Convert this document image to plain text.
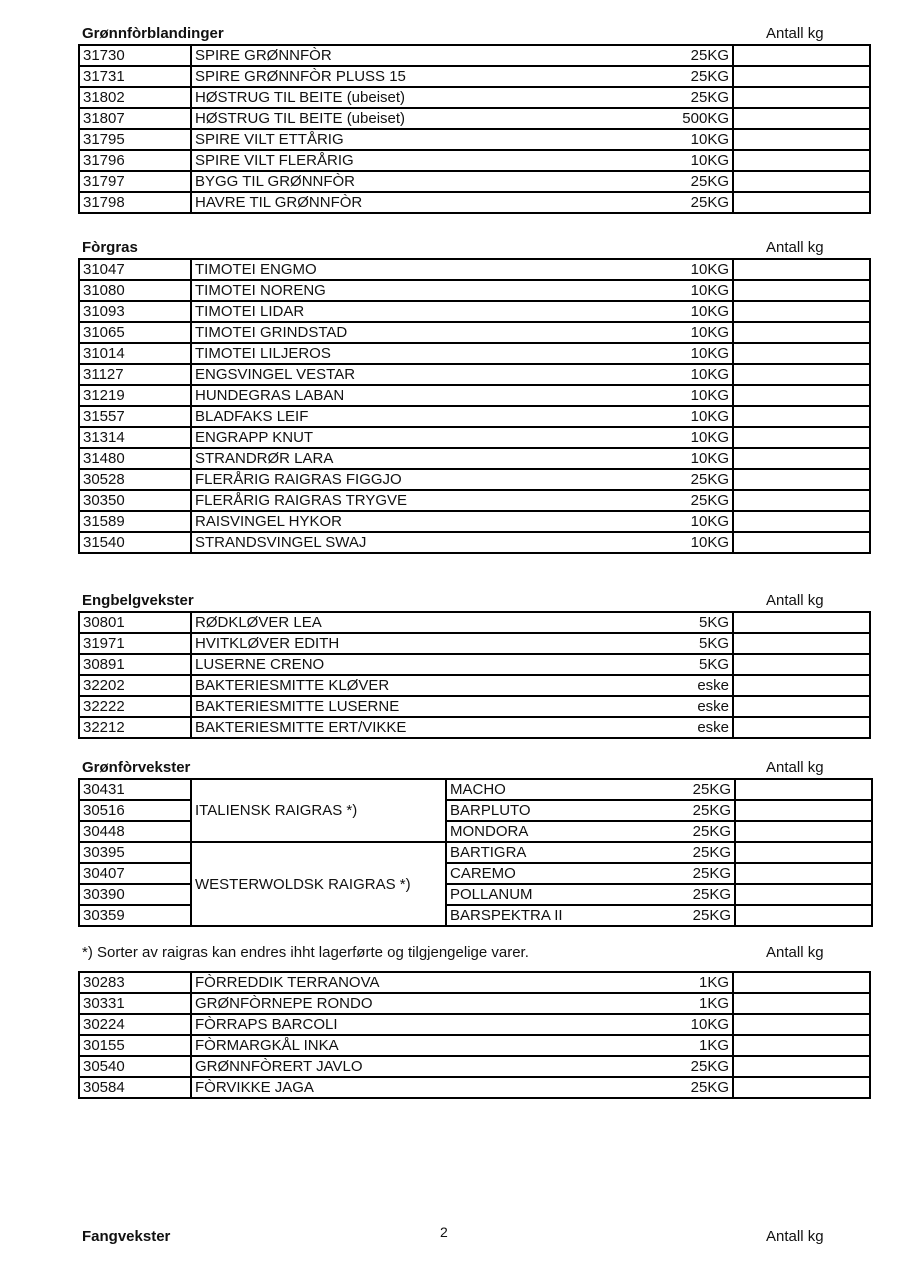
Grønnfòrblandinger	Antall kg
31730	SPIRE GRØNNFÒR 25KG	

31731	SPIRE GRØNNFÒR PLUSS 15 25KG	

31802	HØSTRUG TIL BEITE (ubeiset) 25KG	

31807	HØSTRUG TIL BEITE (ubeiset) 500KG	

31795	SPIRE VILT ETTÅRIG 10KG	

31796	SPIRE VILT FLERÅRIG 10KG	

31797	BYGG TIL GRØNNFÒR 25KG	

31798	HAVRE TIL GRØNNFÒR 25KG	

Fòrgras	Antall kg
31047	TIMOTEI ENGMO 10KG	

31080	TIMOTEI NORENG 10KG	

31093	TIMOTEI LIDAR 10KG	

31065	TIMOTEI GRINDSTAD 10KG	

31014	TIMOTEI LILJEROS 10KG	

31127	ENGSVINGEL VESTAR 10KG	

31219	HUNDEGRAS LABAN 10KG	

31557	BLADFAKS LEIF 10KG	

31314	ENGRAPP KNUT 10KG	

31480	STRANDRØR LARA 10KG	

30528	FLERÅRIG RAIGRAS FIGGJO 25KG	

30350	FLERÅRIG RAIGRAS TRYGVE 25KG	

31589	RAISVINGEL HYKOR 10KG	

31540	STRANDSVINGEL SWAJ 10KG	

Engbelgvekster	Antall kg
30801	RØDKLØVER LEA 5KG	

31971	HVITKLØVER EDITH 5KG	

30891	LUSERNE CRENO 5KG	

32202	BAKTERIESMITTE KLØVER eske	

32222	BAKTERIESMITTE LUSERNE eske	

32212	BAKTERIESMITTE ERT/VIKKE eske	

Grønfòrvekster	Antall kg
30431	ITALIENSK RAIGRAS *)	MACHO 25KG	

30516		BARPLUTO 25KG	

30448		MONDORA 25KG	

30395	WESTERWOLDSK RAIGRAS *)	BARTIGRA 25KG	

30407		CAREMO 25KG	

30390		POLLANUM 25KG	

30359		BARSPEKTRA II 25KG	

*) Sorter av raigras kan endres ihht lagerførte og tilgjengelige varer.	Antall kg
30283	FÒRREDDIK TERRANOVA 1KG	

30331	GRØNFÒRNEPE RONDO 1KG	

30224	FÒRRAPS BARCOLI 10KG	

30155	FÒRMARGKÅL INKA 1KG	

30540	GRØNNFÒRERT JAVLO 25KG	

30584	FÒRVIKKE JAGA 25KG	

Fangvekster	Antall kg
2
